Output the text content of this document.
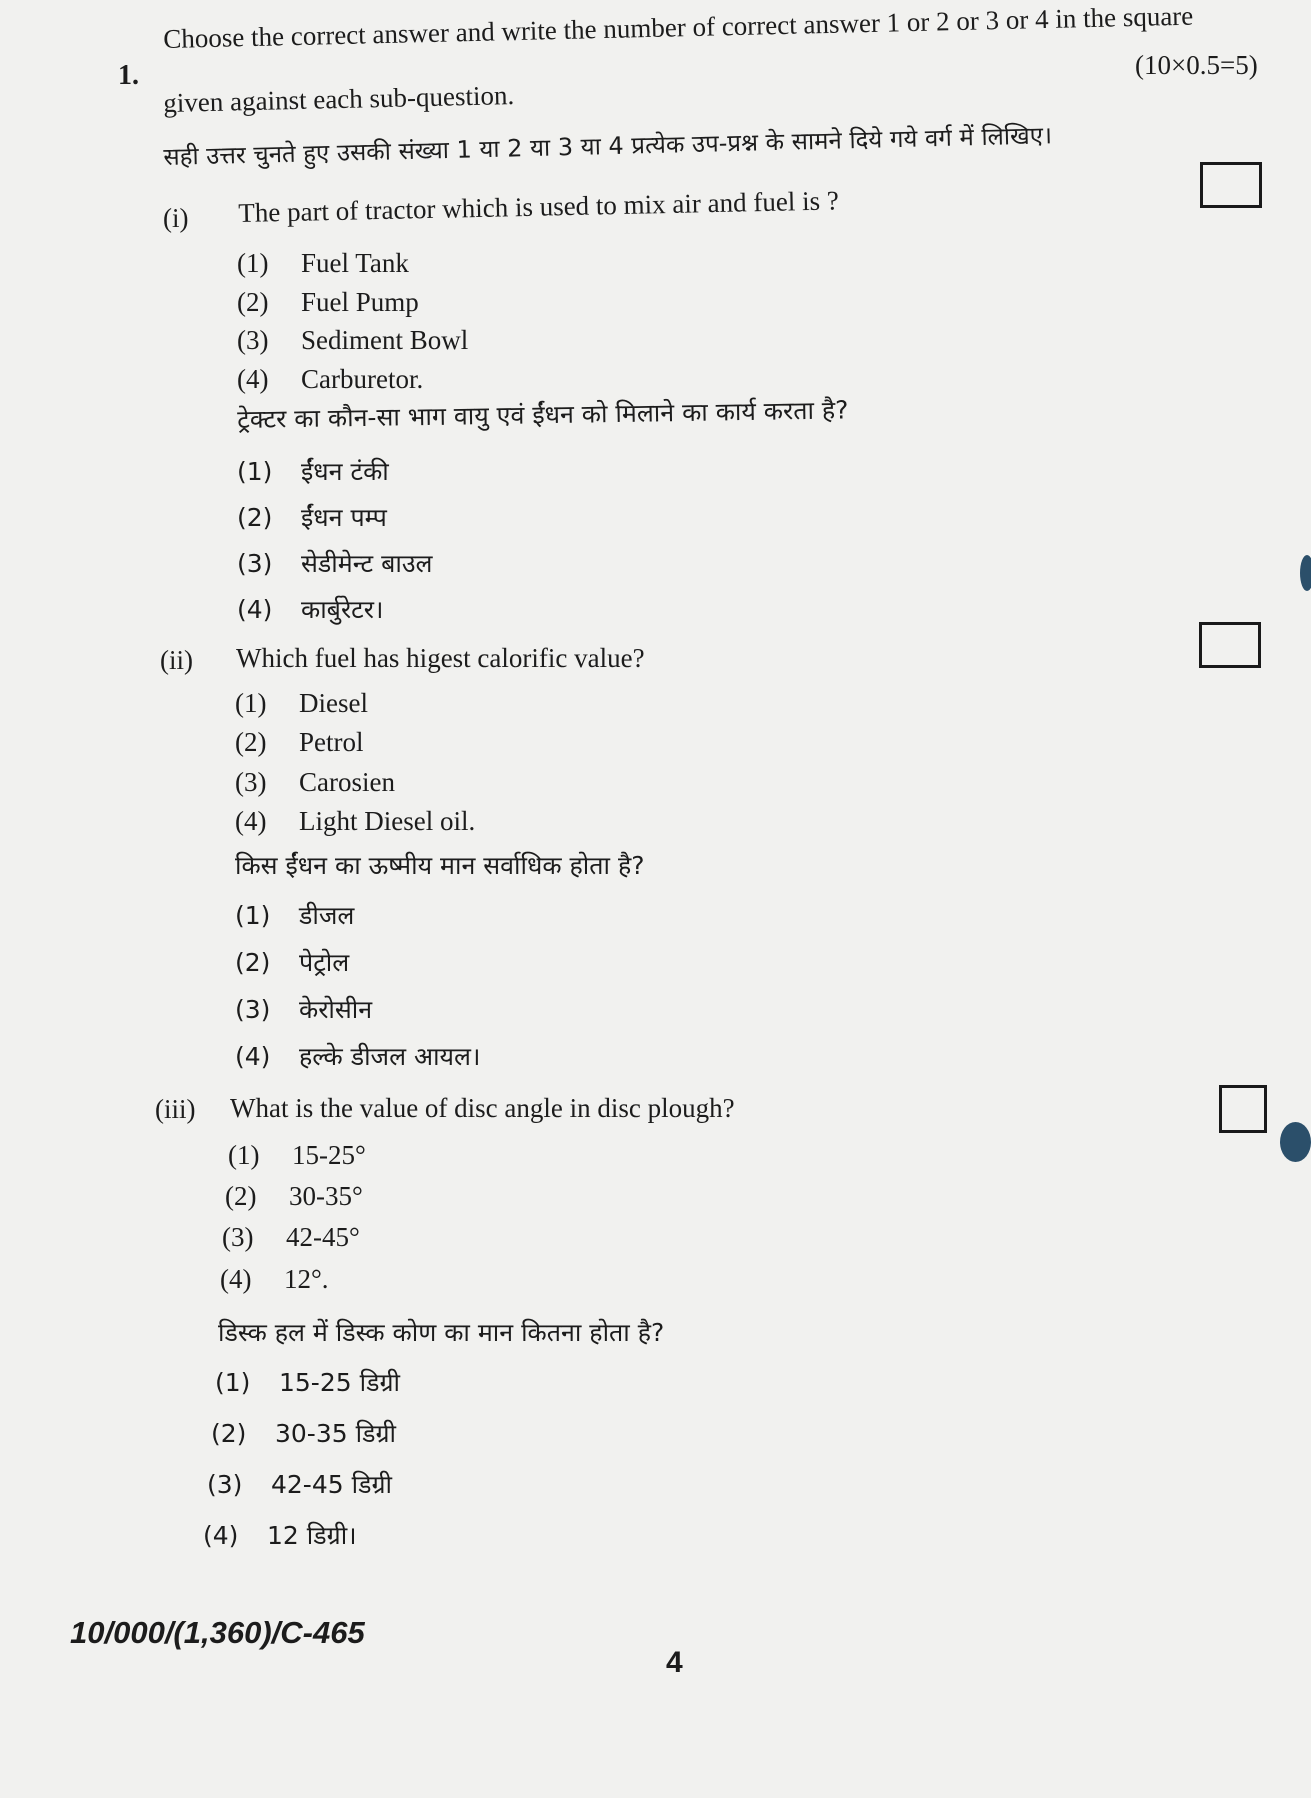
1.
Choose the correct answer and write the number of correct answer 1 or 2 or 3 or 4 in the square
(10×0.5=5)
given against each sub-question.
सही उत्तर चुनते हुए उसकी संख्या 1 या 2 या 3 या 4 प्रत्येक उप-प्रश्न के सामने दिये गये वर्ग में लिखिए।
(i) The part of tractor which is used to mix air and fuel is ?
(1) Fuel Tank
(2) Fuel Pump
(3) Sediment Bowl
(4) Carburetor.
ट्रेक्टर का कौन-सा भाग वायु एवं ईंधन को मिलाने का कार्य करता है?
(1) ईंधन टंकी
(2) ईंधन पम्प
(3) सेडीमेन्ट बाउल
(4) कार्बुरेटर।
(ii) Which fuel has higest calorific value?
(1) Diesel
(2) Petrol
(3) Carosien
(4) Light Diesel oil.
किस ईंधन का ऊष्मीय मान सर्वाधिक होता है?
(1) डीजल
(2) पेट्रोल
(3) केरोसीन
(4) हल्के डीजल आयल।
(iii) What is the value of disc angle in disc plough?
(1) 15-25°
(2) 30-35°
(3) 42-45°
(4) 12°.
डिस्क हल में डिस्क कोण का मान कितना होता है?
(1) 15-25 डिग्री
(2) 30-35 डिग्री
(3) 42-45 डिग्री
(4) 12 डिग्री।
10/000/(1,360)/C-465
4
